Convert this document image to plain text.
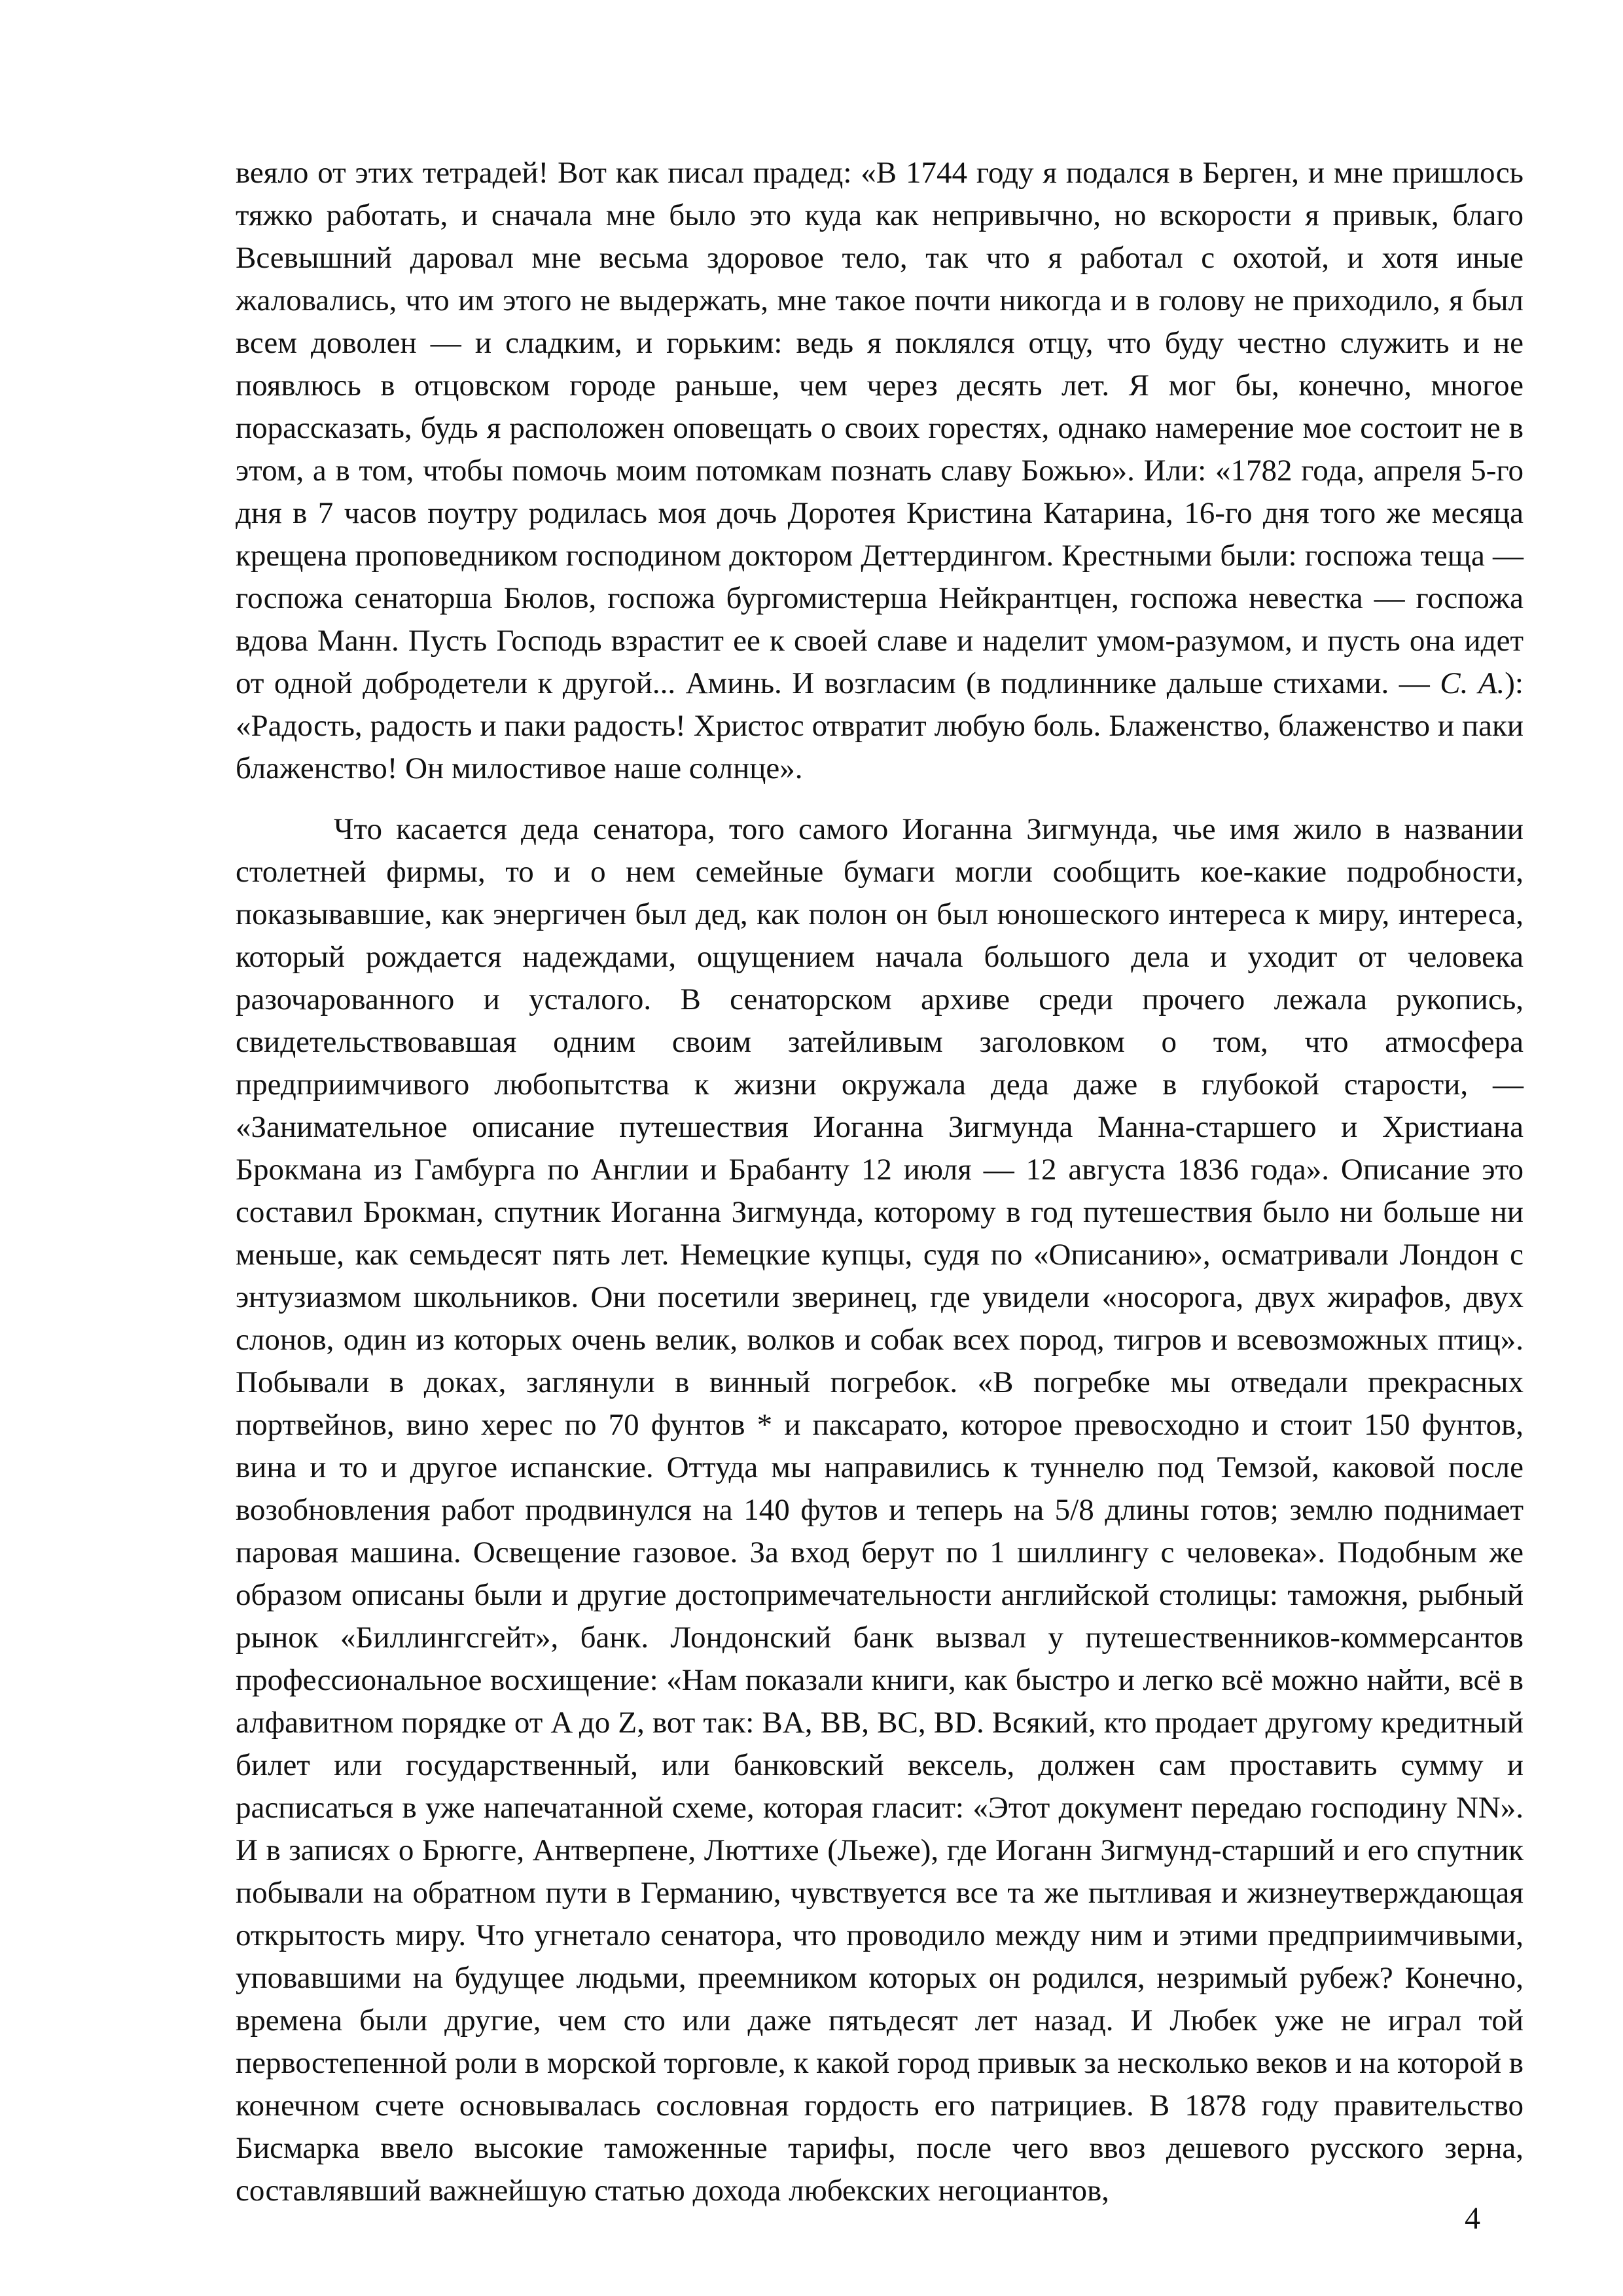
веяло от этих тетрадей! Вот как писал прадед: «В 1744 году я подался в Берген, и мне пришлось тяжко работать, и сначала мне было это куда как непривычно, но вскорости я привык, благо Всевышний даровал мне весьма здоровое тело, так что я работал с охотой, и хотя иные жаловались, что им этого не выдержать, мне такое почти никогда и в голову не приходило, я был всем доволен — и сладким, и горьким: ведь я поклялся отцу, что буду честно служить и не появлюсь в отцовском городе раньше, чем через десять лет. Я мог бы, конечно, многое порассказать, будь я расположен оповещать о своих горестях, однако намерение мое состоит не в этом, а в том, чтобы помочь моим потомкам познать славу Божью». Или: «1782 года, апреля 5-го дня в 7 часов поутру родилась моя дочь Доротея Кристина Катарина, 16-го дня того же месяца крещена проповедником господином доктором Деттердингом. Крестными были: госпожа теща — госпожа сенаторша Бюлов, госпожа бургомистерша Нейкрантцен, госпожа невестка — госпожа вдова Манн. Пусть Господь взрастит ее к своей славе и наделит умом-разумом, и пусть она идет от одной добродетели к другой... Аминь. И возгласим (в подлиннике дальше стихами. — С. А.): «Радость, радость и паки радость! Христос отвратит любую боль. Блаженство, блаженство и паки блаженство! Он милостивое наше солнце».

Что касается деда сенатора, того самого Иоганна Зигмунда, чье имя жило в названии столетней фирмы, то и о нем семейные бумаги могли сообщить кое-какие подробности, показывавшие, как энергичен был дед, как полон он был юношеского интереса к миру, интереса, который рождается надеждами, ощущением начала большого дела и уходит от человека разочарованного и усталого. В сенаторском архиве среди прочего лежала рукопись, свидетельствовавшая одним своим затейливым заголовком о том, что атмосфера предприимчивого любопытства к жизни окружала деда даже в глубокой старости, — «Занимательное описание путешествия Иоганна Зигмунда Манна-старшего и Христиана Брокмана из Гамбурга по Англии и Брабанту 12 июля — 12 августа 1836 года». Описание это составил Брокман, спутник Иоганна Зигмунда, которому в год путешествия было ни больше ни меньше, как семьдесят пять лет. Немецкие купцы, судя по «Описанию», осматривали Лондон с энтузиазмом школьников. Они посетили зверинец, где увидели «носорога, двух жирафов, двух слонов, один из которых очень велик, волков и собак всех пород, тигров и всевозможных птиц». Побывали в доках, заглянули в винный погребок. «В погребке мы отведали прекрасных портвейнов, вино херес по 70 фунтов * и паксарато, которое превосходно и стоит 150 фунтов, вина и то и другое испанские. Оттуда мы направились к туннелю под Темзой, каковой после возобновления работ продвинулся на 140 футов и теперь на 5/8 длины готов; землю поднимает паровая машина. Освещение газовое. За вход берут по 1 шиллингу с человека». Подобным же образом описаны были и другие достопримечательности английской столицы: таможня, рыбный рынок «Биллингсгейт», банк. Лондонский банк вызвал у путешественников-коммерсантов профессиональное восхищение: «Нам показали книги, как быстро и легко всё можно найти, всё в алфавитном порядке от A до Z, вот так: BA, BB, BC, BD. Всякий, кто продает другому кредитный билет или государственный, или банковский вексель, должен сам проставить сумму и расписаться в уже напечатанной схеме, которая гласит: «Этот документ передаю господину NN». И в записях о Брюгге, Антверпене, Люттихе (Льеже), где Иоганн Зигмунд-старший и его спутник побывали на обратном пути в Германию, чувствуется все та же пытливая и жизнеутверждающая открытость миру. Что угнетало сенатора, что проводило между ним и этими предприимчивыми, уповавшими на будущее людьми, преемником которых он родился, незримый рубеж? Конечно, времена были другие, чем сто или даже пятьдесят лет назад. И Любек уже не играл той первостепенной роли в морской торговле, к какой город привык за несколько веков и на которой в конечном счете основывалась сословная гордость его патрициев. В 1878 году правительство Бисмарка ввело высокие таможенные тарифы, после чего ввоз дешевого русского зерна, составлявший важнейшую статью дохода любекских негоциантов,

4
